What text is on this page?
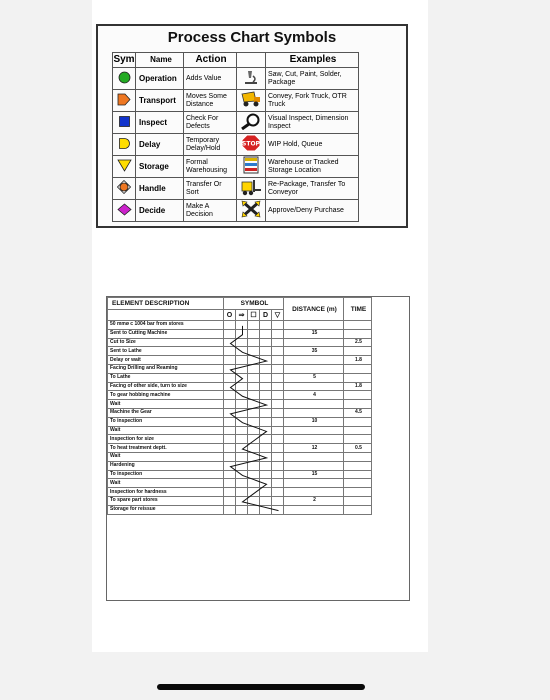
Process Chart Symbols
Sym	Name	Action		Examples
	Operation	Adds Value		Saw, Cut, Paint, Solder, Package
	Transport	Moves Some Distance		Convey, Fork Truck, OTR Truck
	Inspect	Check For Defects		Visual Inspect, Dimension Inspect
	Delay	Temporary Delay/Hold	STOP	WIP Hold, Queue
	Storage	Formal Warehousing		Warehouse or Tracked Storage Location
	Handle	Transfer Or Sort		Re-Package, Transfer To Conveyor
	Decide	Make A Decision		Approve/Deny Purchase
ELEMENT DESCRIPTION	SYMBOL					DISTANCE (m)	TIME
	O	⇒	☐	D	▽		
50 mmø c 1004 bar from stores							
Sent to Cutting Machine						15	
Cut to Size							2.5
Sent to Lathe						35	
Delay or wait							1.8
Facing Drilling and Reaming							
To Lathe						5	
Facing of other side, turn to size							1.8
To gear hobbing machine						4	
Wait							
Machine the Gear							4.5
To inspection						10	
Wait							
Inspection for size							
To heat treatment deptt.						12	0.5
Wait							
Hardening							
To inspection						15	
Wait							
Inspection for hardness							
To spare part stores						2	
Storage for reissue							
